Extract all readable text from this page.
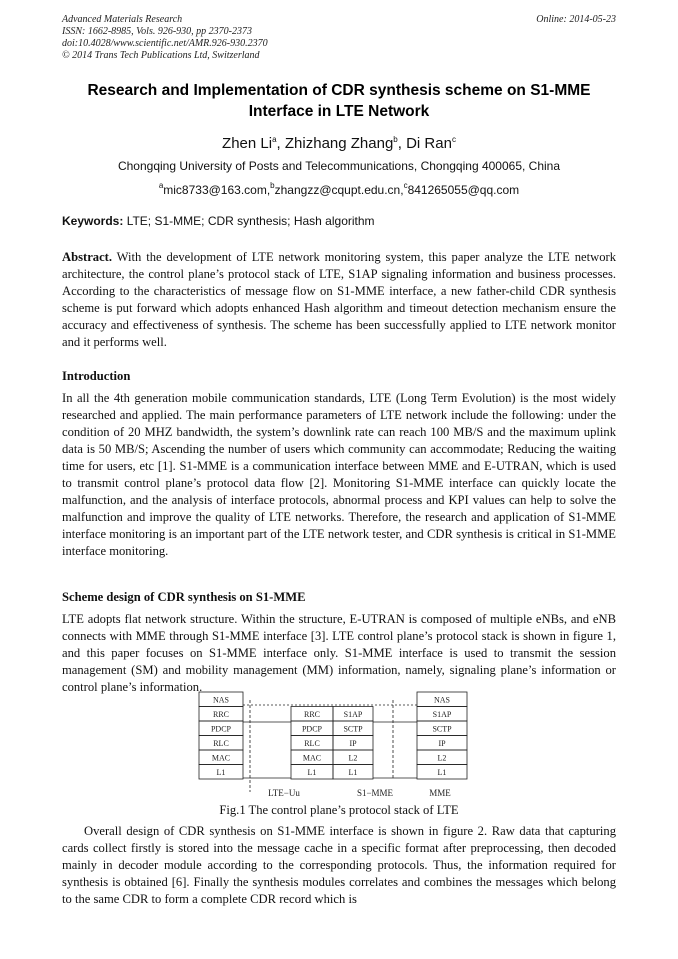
Advanced Materials Research
ISSN: 1662-8985, Vols. 926-930, pp 2370-2373
doi:10.4028/www.scientific.net/AMR.926-930.2370
© 2014 Trans Tech Publications Ltd, Switzerland
Online: 2014-05-23
Research and Implementation of CDR synthesis scheme on S1-MME
Interface in LTE Network
Zhen Li$^a$, Zhizhang Zhang$^b$, Di Ran$^c$
Chongqing University of Posts and Telecommunications, Chongqing 400065, China
$^a$mic8733@163.com,$^b$zhangzz@cqupt.edu.cn,$^c$841265055@qq.com
Keywords: LTE; S1-MME; CDR synthesis; Hash algorithm

Abstract. With the development of LTE network monitoring system, this paper analyze the LTE network architecture, the control plane’s protocol stack of LTE, S1AP signaling information and business processes. According to the characteristics of message flow on S1-MME interface, a new father-child CDR synthesis scheme is put forward which adopts enhanced Hash algorithm and timeout detection mechanism ensure the accuracy and effectiveness of synthesis. The scheme has been successfully applied to LTE network monitor and it performs well.

Introduction

In all the 4th generation mobile communication standards, LTE (Long Term Evolution) is the most widely researched and applied. The main performance parameters of LTE network include the following: under the condition of 20 MHZ bandwidth, the system’s downlink rate can reach 100 MB/S and the maximum uplink data is 50 MB/S; Ascending the number of users which community can accommodate; Reducing the waiting time for users, etc [1]. S1-MME is a communication interface between MME and E-UTRAN, which is used to transmit control plane’s protocol data flow [2]. Monitoring S1-MME interface can quickly locate the malfunction, and the analysis of interface protocols, abnormal process and KPI values can help to solve the malfunction and improve the quality of LTE networks. Therefore, the research and application of S1-MME interface monitoring is an important part of the LTE network tester, and CDR synthesis is critical in S1-MME interface monitoring.

Scheme design of CDR synthesis on S1-MME

LTE adopts flat network structure. Within the structure, E-UTRAN is composed of multiple eNBs, and eNB connects with MME through S1-MME interface [3]. LTE control plane’s protocol stack is shown in figure 1, and this paper focuses on S1-MME interface only. S1-MME interface is used to transmit the session management (SM) and mobility management (MM) information, namely, signaling plane’s information or control plane’s information.

NAS
RRC
PDCP
RLC
MAC
L1
RRC
PDCP
RLC
MAC
L1
S1AP
SCTP
IP
L2
L1
NAS
S1AP
SCTP
IP
L2
L1
LTE−Uu	S1−MME	MME
Fig.1 The control plane’s protocol stack of LTE

Overall design of CDR synthesis on S1-MME interface is shown in figure 2. Raw data that capturing cards collect firstly is stored into the message cache in a specific format after preprocessing, then decoded mainly in decoder module according to the corresponding protocols. Thus, the information required for synthesis is obtained [6]. Finally the synthesis modules correlates and combines the messages which belong to the same CDR to form a complete CDR record which is
